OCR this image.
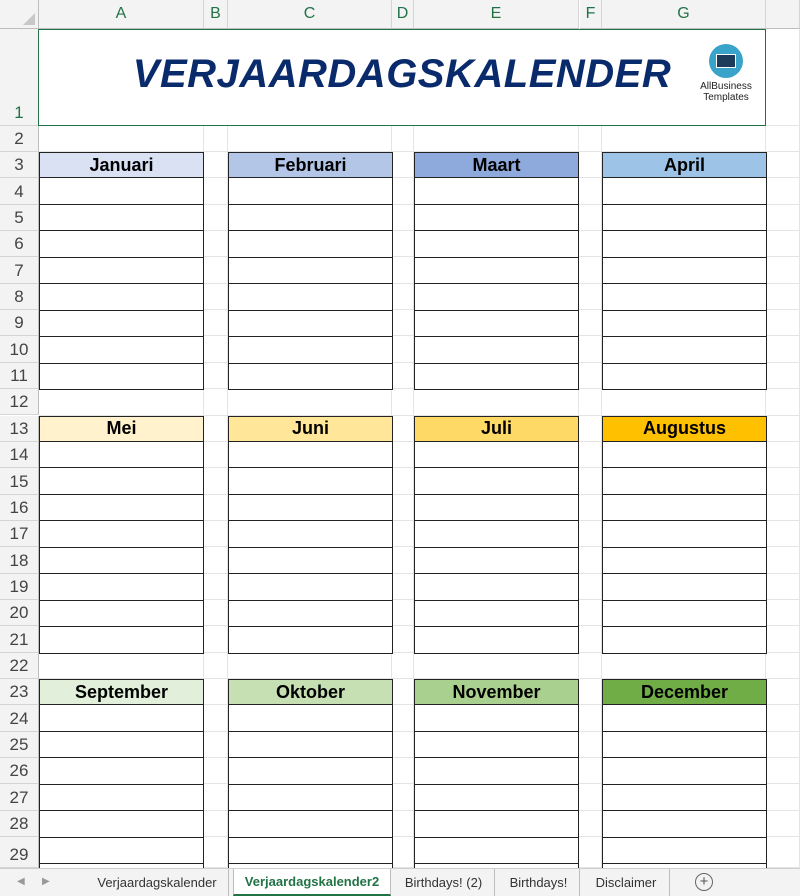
A	B	C	D	E	F	G
1
2
3
4
5
6
7
8
9
10
11
12
13
14
15
16
17
18
19
20
21
22
23
24
25
26
27
28
29
VERJAARDAGSKALENDER	AllBusiness
Templates
Januari	Februari	Maart	April
Mei	Juni	Juli	Augustus
September	Oktober	November	December
◀ ▶	Verjaardagskalender	Verjaardagskalender2	Birthdays! (2)	Birthdays!	Disclaimer	+
